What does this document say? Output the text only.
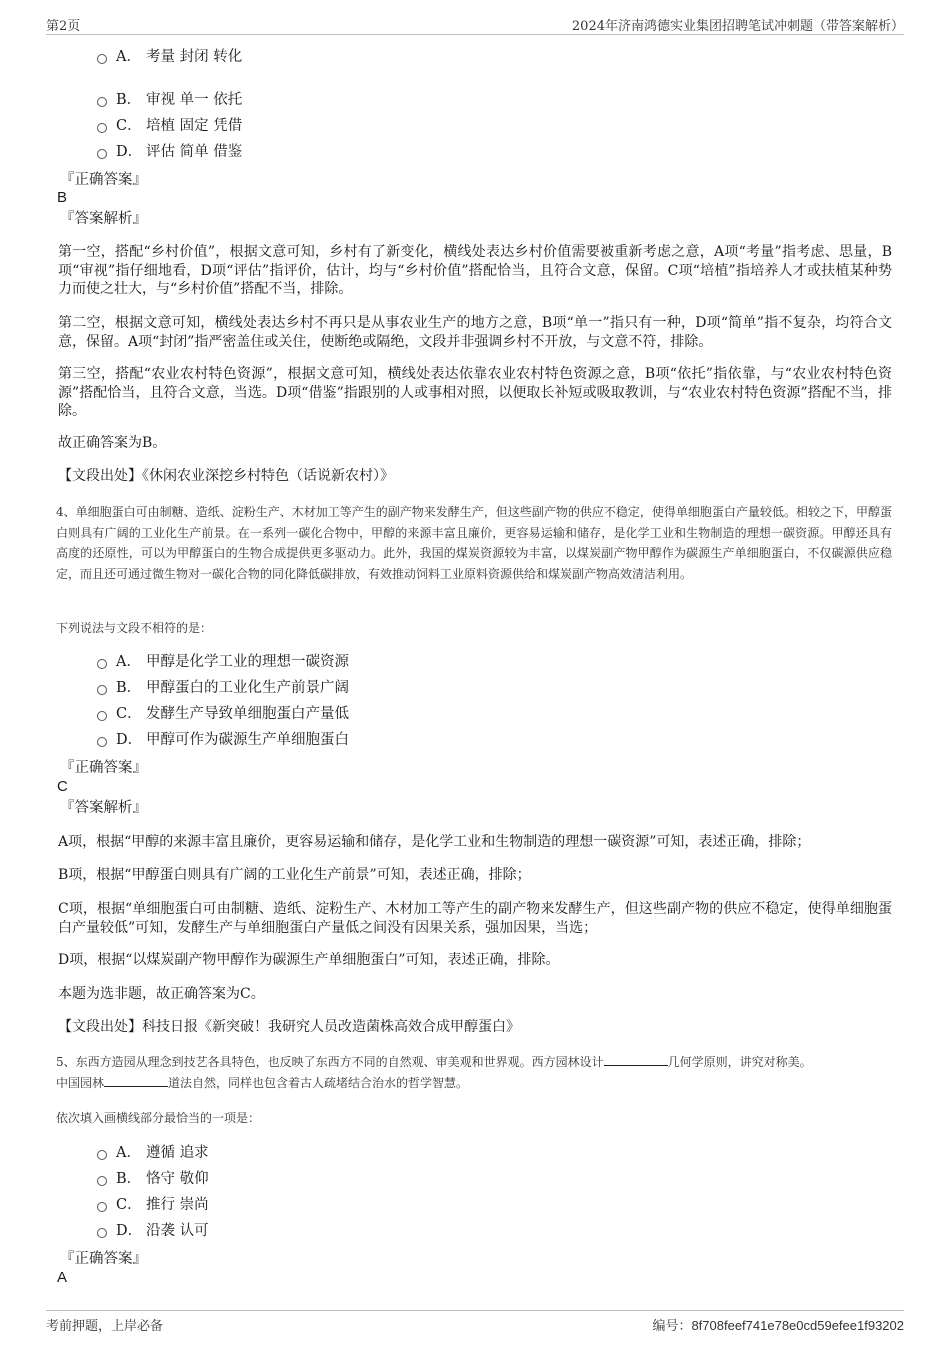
第2页	2024年济南鸿德实业集团招聘笔试冲刺题（带答案解析）
A． 考量 封闭 转化
B． 审视 单一 依托
C． 培植 固定 凭借
D． 评估 简单 借鉴
『正确答案』
B
『答案解析』
第一空，搭配“乡村价值”，根据文意可知，乡村有了新变化，横线处表达乡村价值需要被重新考虑之意，A项“考量”指考虑、思量，B项“审视”指仔细地看，D项“评估”指评价，估计，均与“乡村价值”搭配恰当，且符合文意，保留。C项“培植”指培养人才或扶植某种势力而使之壮大，与“乡村价值”搭配不当，排除。
第二空，根据文意可知，横线处表达乡村不再只是从事农业生产的地方之意，B项“单一”指只有一种，D项“简单”指不复杂，均符合文意，保留。A项“封闭”指严密盖住或关住，使断绝或隔绝，文段并非强调乡村不开放，与文意不符，排除。
第三空，搭配“农业农村特色资源”，根据文意可知，横线处表达依靠农业农村特色资源之意，B项“依托”指依靠，与“农业农村特色资源”搭配恰当，且符合文意，当选。D项“借鉴”指跟别的人或事相对照，以便取长补短或吸取教训，与“农业农村特色资源”搭配不当，排除。
故正确答案为B。
【文段出处】《休闲农业深挖乡村特色（话说新农村）》
4、单细胞蛋白可由制糖、造纸、淀粉生产、木材加工等产生的副产物来发酵生产，但这些副产物的供应不稳定，使得单细胞蛋白产量较低。相较之下，甲醇蛋白则具有广阔的工业化生产前景。在一系列一碳化合物中，甲醇的来源丰富且廉价，更容易运输和储存，是化学工业和生物制造的理想一碳资源。甲醇还具有高度的还原性，可以为甲醇蛋白的生物合成提供更多驱动力。此外，我国的煤炭资源较为丰富，以煤炭副产物甲醇作为碳源生产单细胞蛋白，不仅碳源供应稳定，而且还可通过微生物对一碳化合物的同化降低碳排放，有效推动饲料工业原料资源供给和煤炭副产物高效清洁利用。
下列说法与文段不相符的是：
A． 甲醇是化学工业的理想一碳资源
B． 甲醇蛋白的工业化生产前景广阔
C． 发酵生产导致单细胞蛋白产量低
D． 甲醇可作为碳源生产单细胞蛋白
『正确答案』
C
『答案解析』
A项，根据“甲醇的来源丰富且廉价，更容易运输和储存，是化学工业和生物制造的理想一碳资源”可知，表述正确，排除；
B项，根据“甲醇蛋白则具有广阔的工业化生产前景”可知，表述正确，排除；
C项，根据“单细胞蛋白可由制糖、造纸、淀粉生产、木材加工等产生的副产物来发酵生产，但这些副产物的供应不稳定，使得单细胞蛋白产量较低”可知，发酵生产与单细胞蛋白产量低之间没有因果关系，强加因果，当选；
D项，根据“以煤炭副产物甲醇作为碳源生产单细胞蛋白”可知，表述正确，排除。
本题为选非题，故正确答案为C。
【文段出处】科技日报《新突破！我研究人员改造菌株高效合成甲醇蛋白》
5、东西方造园从理念到技艺各具特色，也反映了东西方不同的自然观、审美观和世界观。西方园林设计	几何学原则，讲究对称美。
中国园林	道法自然，同样也包含着古人疏堵结合治水的哲学智慧。
依次填入画横线部分最恰当的一项是：
A． 遵循 追求
B． 恪守 敬仰
C． 推行 崇尚
D． 沿袭 认可
『正确答案』
A
考前押题，上岸必备	编号：8f708feef741e78e0cd59efee1f93202
